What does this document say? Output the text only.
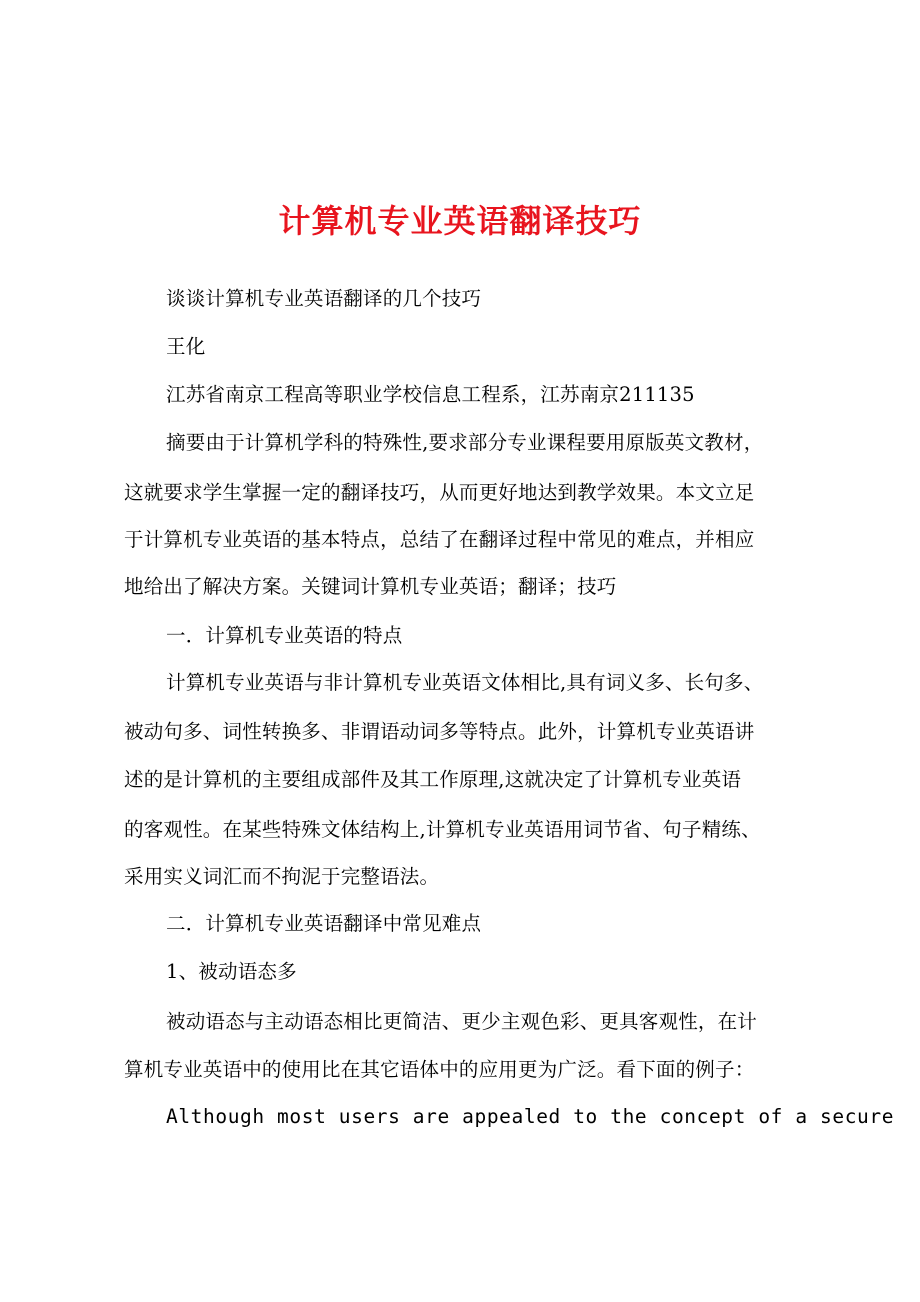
计算机专业英语翻译技巧
谈谈计算机专业英语翻译的几个技巧
王化
江苏省南京工程高等职业学校信息工程系，江苏南京211135
摘要由于计算机学科的特殊性,要求部分专业课程要用原版英文教材，
这就要求学生掌握一定的翻译技巧，从而更好地达到教学效果。本文立足
于计算机专业英语的基本特点，总结了在翻译过程中常见的难点，并相应
地给出了解决方案。关键词计算机专业英语；翻译；技巧
一．计算机专业英语的特点
计算机专业英语与非计算机专业英语文体相比,具有词义多、长句多、
被动句多、词性转换多、非谓语动词多等特点。此外，计算机专业英语讲
述的是计算机的主要组成部件及其工作原理,这就决定了计算机专业英语
的客观性。在某些特殊文体结构上,计算机专业英语用词节省、句子精练、
采用实义词汇而不拘泥于完整语法。
二．计算机专业英语翻译中常见难点
1、被动语态多
被动语态与主动语态相比更简洁、更少主观色彩、更具客观性，在计
算机专业英语中的使用比在其它语体中的应用更为广泛。看下面的例子：
Although most users are appealed to the concept of a secure
